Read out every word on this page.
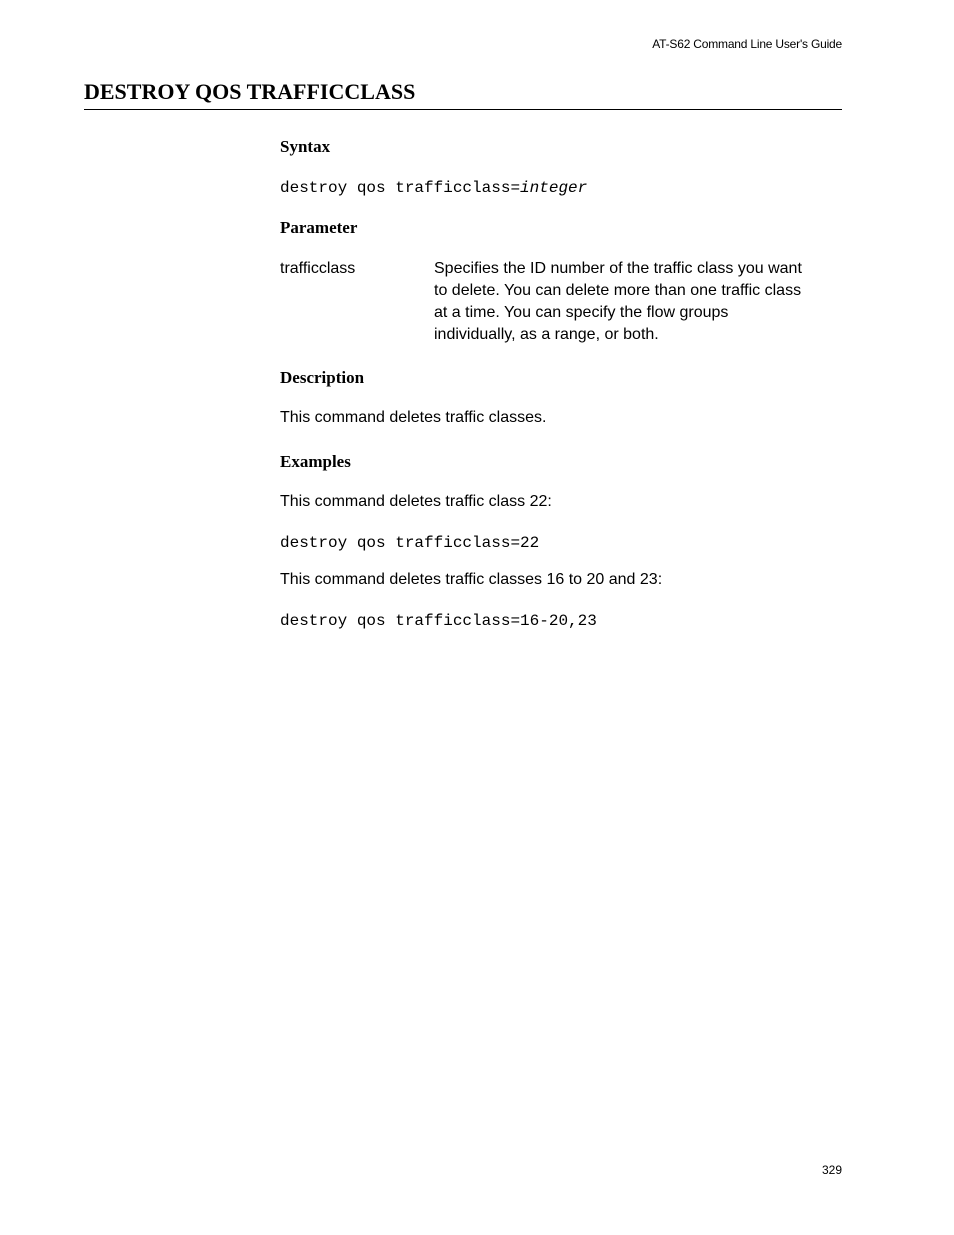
AT-S62 Command Line User's Guide
DESTROY QOS TRAFFICCLASS
Syntax

destroy qos trafficclass=integer

Parameter
trafficclass	Specifies the ID number of the traffic class you want
to delete. You can delete more than one traffic class
at a time. You can specify the flow groups
individually, as a range, or both.
Description

This command deletes traffic classes.

Examples

This command deletes traffic class 22:

destroy qos trafficclass=22

This command deletes traffic classes 16 to 20 and 23:

destroy qos trafficclass=16-20,23

329
